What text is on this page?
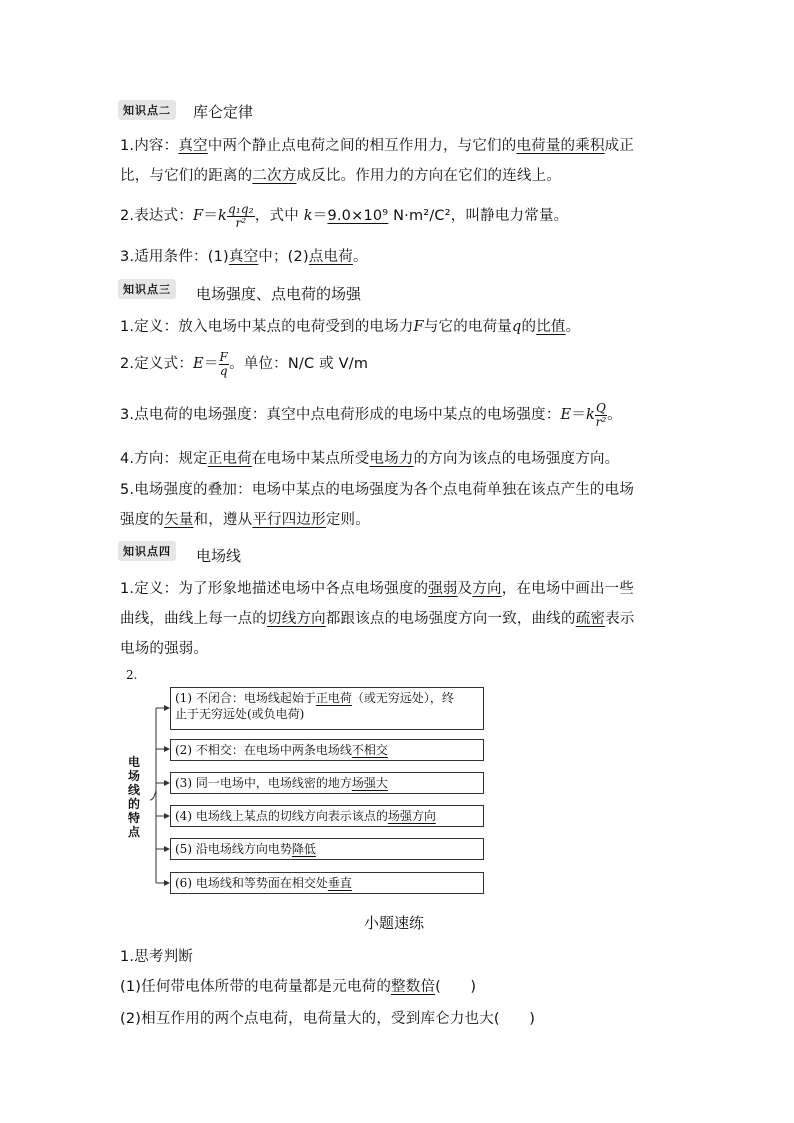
知识点二	库仑定律
1.内容：真空中两个静止点电荷之间的相互作用力，与它们的电荷量的乘积成正
比，与它们的距离的二次方成反比。作用力的方向在它们的连线上。
2.表达式：$F=k \frac{\text{q₁q₂}}{\text{r²}}$ ，式中 k＝9.0×10⁹ N·m²/C²，叫静电力常量。
3.适用条件：(1)真空中；(2)点电荷。
知识点三	电场强度、点电荷的场强
1.定义：放入电场中某点的电荷受到的电场力F与它的电荷量q的比值。
2.定义式：$E= \frac{F}{q}$ 。单位：N/C 或 V/m
3.点电荷的电场强度：真空中点电荷形成的电场中某点的电场强度：$E=k \frac{Q}{\text{r²}}$ 。
4.方向：规定正电荷在电场中某点所受电场力的方向为该点的电场强度方向。
5.电场强度的叠加：电场中某点的电场强度为各个点电荷单独在该点产生的电场
强度的矢量和，遵从平行四边形定则。
知识点四	电场线
1.定义：为了形象地描述电场中各点电场强度的强弱及方向，在电场中画出一些
曲线，曲线上每一点的切线方向都跟该点的电场强度方向一致，曲线的疏密表示
电场的强弱。
2.
电
场
线
的
特
点
(1) 不闭合：电场线起始于正电荷（或无穷远处），终
止于无穷远处(或负电荷)
(2) 不相交：在电场中两条电场线不相交
(3) 同一电场中，电场线密的地方场强大
(4) 电场线上某点的切线方向表示该点的场强方向
(5) 沿电场线方向电势降低
(6) 电场线和等势面在相交处垂直
小题速练
1.思考判断
(1)任何带电体所带的电荷量都是元电荷的整数倍(　　)
(2)相互作用的两个点电荷，电荷量大的，受到库仑力也大(　　)
